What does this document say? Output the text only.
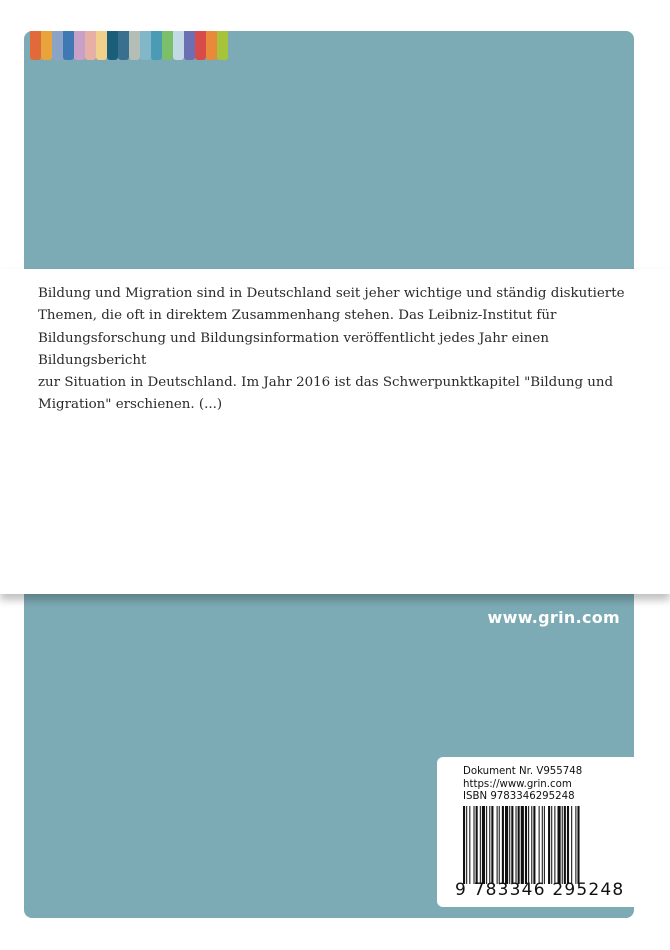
Bildung und Migration sind in Deutschland seit jeher wichtige und ständig diskutierte
Themen, die oft in direktem Zusammenhang stehen. Das Leibniz-Institut für
Bildungsforschung und Bildungsinformation veröffentlicht jedes Jahr einen Bildungsbericht
zur Situation in Deutschland. Im Jahr 2016 ist das Schwerpunktkapitel "Bildung und
Migration" erschienen. (...)

www.grin.com
Dokument Nr. V955748
https://www.grin.com
ISBN 9783346295248
9 783346 295248
